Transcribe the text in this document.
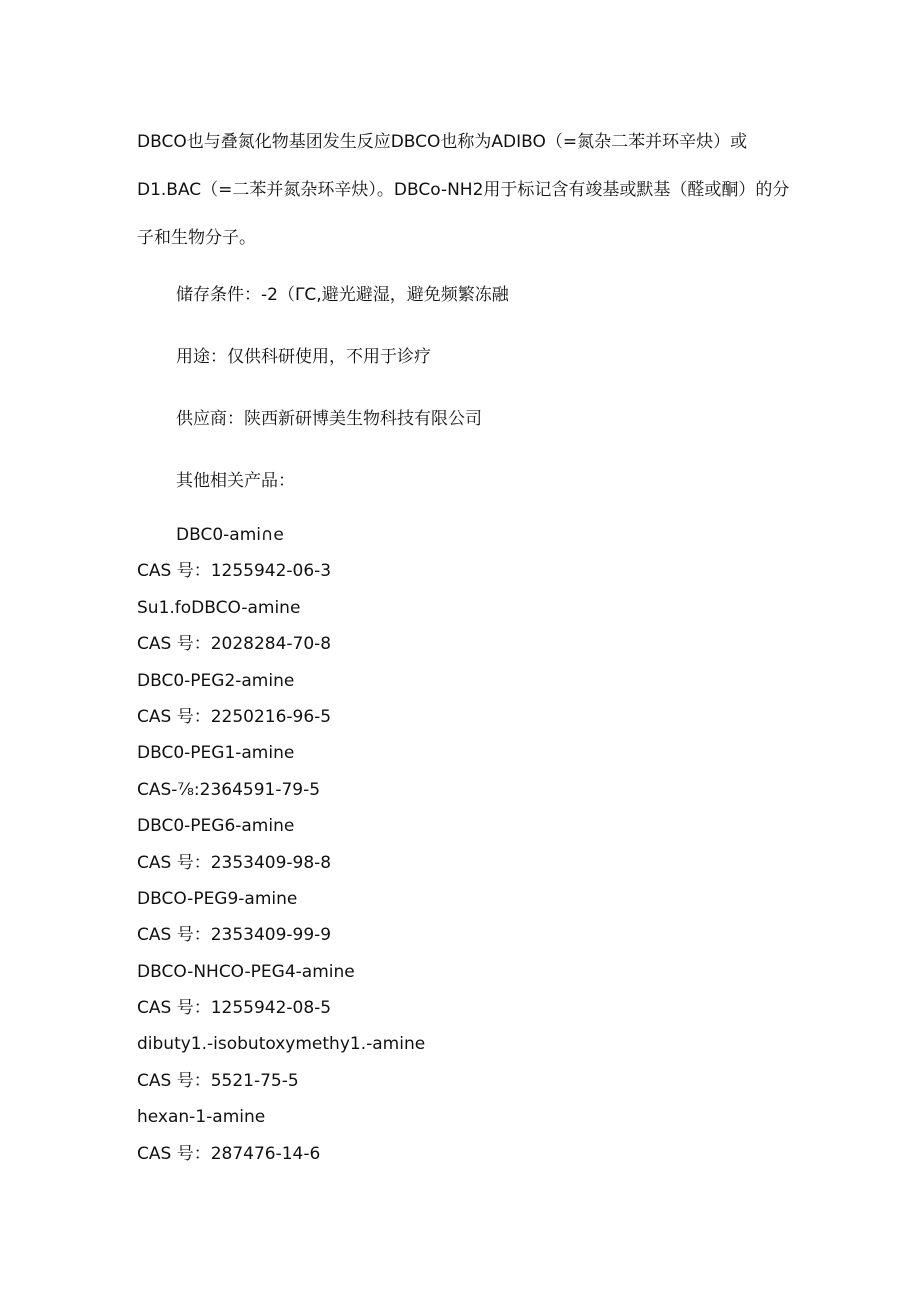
DBCO也与叠氮化物基团发生反应DBCO也称为ADIBO（=氮杂二苯并环辛炔）或D1.BAC（=二苯并氮杂环辛炔）。DBCo-NH2用于标记含有竣基或默基（醛或酮）的分子和生物分子。

储存条件：-2（ΓC,避光避湿，避免频繁冻融

用途：仅供科研使用，不用于诊疗

供应商：陕西新研博美生物科技有限公司

其他相关产品：

DBC0-ami∩e
CAS 号：1255942-06-3
Su1.foDBCO-amine
CAS 号：2028284-70-8
DBC0-PEG2-amine
CAS 号：2250216-96-5
DBC0-PEG1-amine
CAS-⅞:2364591-79-5
DBC0-PEG6-amine
CAS 号：2353409-98-8
DBCO-PEG9-amine
CAS 号：2353409-99-9
DBCO-NHCO-PEG4-amine
CAS 号：1255942-08-5
dibuty1.-isobutoxymethy1.-amine
CAS 号：5521-75-5
hexan-1-amine
CAS 号：287476-14-6
